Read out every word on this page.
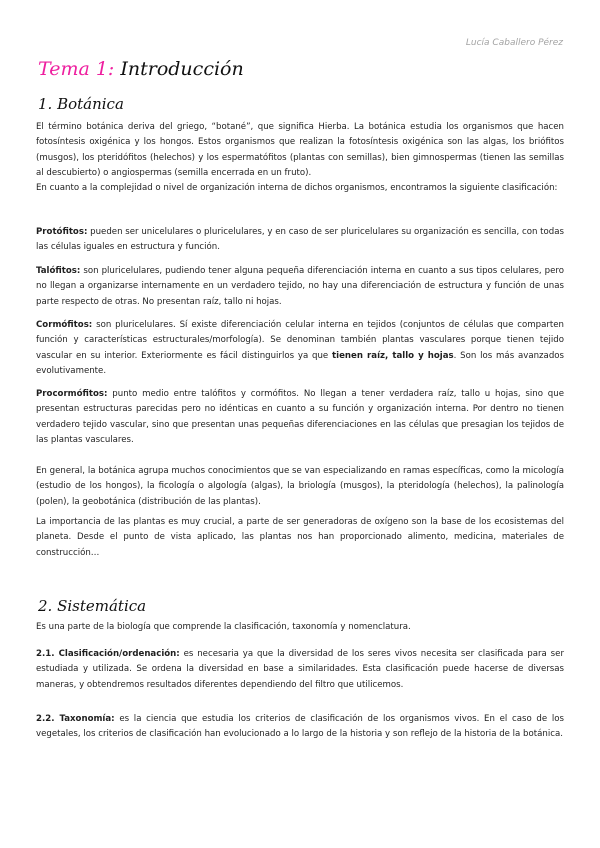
Lucía Caballero Pérez
Tema 1: Introducción
1. Botánica

El término botánica deriva del griego, “botané”, que significa Hierba. La botánica estudia los organismos que hacen fotosíntesis oxigénica y los hongos. Estos organismos que realizan la fotosíntesis oxigénica son las algas, los briófitos (musgos), los pteridófitos (helechos) y los espermatófitos (plantas con semillas), bien gimnospermas (tienen las semillas al descubierto) o angiospermas (semilla encerrada en un fruto).

En cuanto a la complejidad o nivel de organización interna de dichos organismos, encontramos la siguiente clasificación:

Protófitos: pueden ser unicelulares o pluricelulares, y en caso de ser pluricelulares su organización es sencilla, con todas las células iguales en estructura y función.

Talófitos: son pluricelulares, pudiendo tener alguna pequeña diferenciación interna en cuanto a sus tipos celulares, pero no llegan a organizarse internamente en un verdadero tejido, no hay una diferenciación de estructura y función de unas parte respecto de otras. No presentan raíz, tallo ni hojas.

Cormófitos: son pluricelulares. Sí existe diferenciación celular interna en tejidos (conjuntos de células que comparten función y características estructurales/morfología). Se denominan también plantas vasculares porque tienen tejido vascular en su interior. Exteriormente es fácil distinguirlos ya que tienen raíz, tallo y hojas. Son los más avanzados evolutivamente.

Procormófitos: punto medio entre talófitos y cormófitos. No llegan a tener verdadera raíz, tallo u hojas, sino que presentan estructuras parecidas pero no idénticas en cuanto a su función y organización interna. Por dentro no tienen verdadero tejido vascular, sino que presentan unas pequeñas diferenciaciones en las células que presagian los tejidos de las plantas vasculares.

En general, la botánica agrupa muchos conocimientos que se van especializando en ramas específicas, como la micología (estudio de los hongos), la ficología o algología (algas), la briología (musgos), la pteridología (helechos), la palinología (polen), la geobotánica (distribución de las plantas).

La importancia de las plantas es muy crucial, a parte de ser generadoras de oxígeno son la base de los ecosistemas del planeta. Desde el punto de vista aplicado, las plantas nos han proporcionado alimento, medicina, materiales de construcción…

2. Sistemática

Es una parte de la biología que comprende la clasificación, taxonomía y nomenclatura.

2.1. Clasificación/ordenación: es necesaria ya que la diversidad de los seres vivos necesita ser clasificada para ser estudiada y utilizada. Se ordena la diversidad en base a similaridades. Esta clasificación puede hacerse de diversas maneras, y obtendremos resultados diferentes dependiendo del filtro que utilicemos.

2.2. Taxonomía: es la ciencia que estudia los criterios de clasificación de los organismos vivos. En el caso de los vegetales, los criterios de clasificación han evolucionado a lo largo de la historia y son reflejo de la historia de la botánica.
